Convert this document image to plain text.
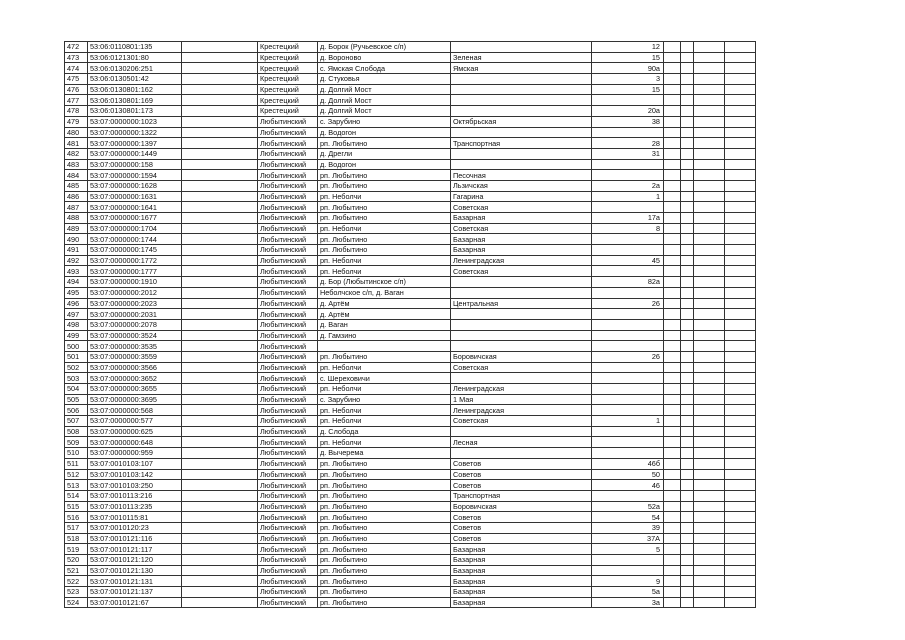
472	53:06:0110801:135		Крестецкий	д. Борок (Ручьевское с/п)		12				
473	53:06:0121301:80		Крестецкий	д. Вороново	Зеленая	15				
474	53:06:0130206:251		Крестецкий	с. Ямская Слобода	Ямская	90а				
475	53:06:0130501:42		Крестецкий	д. Стуковья		3				
476	53:06:0130801:162		Крестецкий	д. Долгий Мост		15				
477	53:06:0130801:169		Крестецкий	д. Долгий Мост						
478	53:06:0130801:173		Крестецкий	д. Долгий Мост		20а				
479	53:07:0000000:1023		Любытинский	с. Зарубино	Октябрьская	38				
480	53:07:0000000:1322		Любытинский	д. Водогон						
481	53:07:0000000:1397		Любытинский	рп. Любытино	Транспортная	28				
482	53:07:0000000:1449		Любытинский	д. Дрегли		31				
483	53:07:0000000:158		Любытинский	д. Водогон						
484	53:07:0000000:1594		Любытинский	рп. Любытино	Песочная					
485	53:07:0000000:1628		Любытинский	рп. Любытино	Льзичская	2а				
486	53:07:0000000:1631		Любытинский	рп. Неболчи	Гагарина	1				
487	53:07:0000000:1641		Любытинский	рп. Любытино	Советская					
488	53:07:0000000:1677		Любытинский	рп. Любытино	Базарная	17а				
489	53:07:0000000:1704		Любытинский	рп. Неболчи	Советская	8				
490	53:07:0000000:1744		Любытинский	рп. Любытино	Базарная					
491	53:07:0000000:1745		Любытинский	рп. Любытино	Базарная					
492	53:07:0000000:1772		Любытинский	рп. Неболчи	Ленинградская	45				
493	53:07:0000000:1777		Любытинский	рп. Неболчи	Советская					
494	53:07:0000000:1910		Любытинский	д. Бор (Любытинское с/п)		82а				
495	53:07:0000000:2012		Любытинский	Неболчское с/п, д. Ваган						
496	53:07:0000000:2023		Любытинский	д. Артём	Центральная	26				
497	53:07:0000000:2031		Любытинский	д. Артём						
498	53:07:0000000:2078		Любытинский	д. Ваган						
499	53:07:0000000:3524		Любытинский	д. Гамзино						
500	53:07:0000000:3535		Любытинский							
501	53:07:0000000:3559		Любытинский	рп. Любытино	Боровичская	26				
502	53:07:0000000:3566		Любытинский	рп. Неболчи	Советская					
503	53:07:0000000:3652		Любытинский	с. Шереховичи						
504	53:07:0000000:3655		Любытинский	рп. Неболчи	Ленинградская					
505	53:07:0000000:3695		Любытинский	с. Зарубино	1 Мая					
506	53:07:0000000:568		Любытинский	рп. Неболчи	Ленинградская					
507	53:07:0000000:577		Любытинский	рп. Неболчи	Советская	1				
508	53:07:0000000:625		Любытинский	д. Слобода						
509	53:07:0000000:648		Любытинский	рп. Неболчи	Лесная					
510	53:07:0000000:959		Любытинский	д. Вычерема						
511	53:07:0010103:107		Любытинский	рп. Любытино	Советов	46б				
512	53:07:0010103:142		Любытинский	рп. Любытино	Советов	50				
513	53:07:0010103:250		Любытинский	рп. Любытино	Советов	46				
514	53:07:0010113:216		Любытинский	рп. Любытино	Транспортная					
515	53:07:0010113:235		Любытинский	рп. Любытино	Боровичская	52а				
516	53:07:0010115:81		Любытинский	рп. Любытино	Советов	54				
517	53:07:0010120:23		Любытинский	рп. Любытино	Советов	39				
518	53:07:0010121:116		Любытинский	рп. Любытино	Советов	37А				
519	53:07:0010121:117		Любытинский	рп. Любытино	Базарная	5				
520	53:07:0010121:120		Любытинский	рп. Любытино	Базарная					
521	53:07:0010121:130		Любытинский	рп. Любытино	Базарная					
522	53:07:0010121:131		Любытинский	рп. Любытино	Базарная	9				
523	53:07:0010121:137		Любытинский	рп. Любытино	Базарная	5а				
524	53:07:0010121:67		Любытинский	рп. Любытино	Базарная	3а				
